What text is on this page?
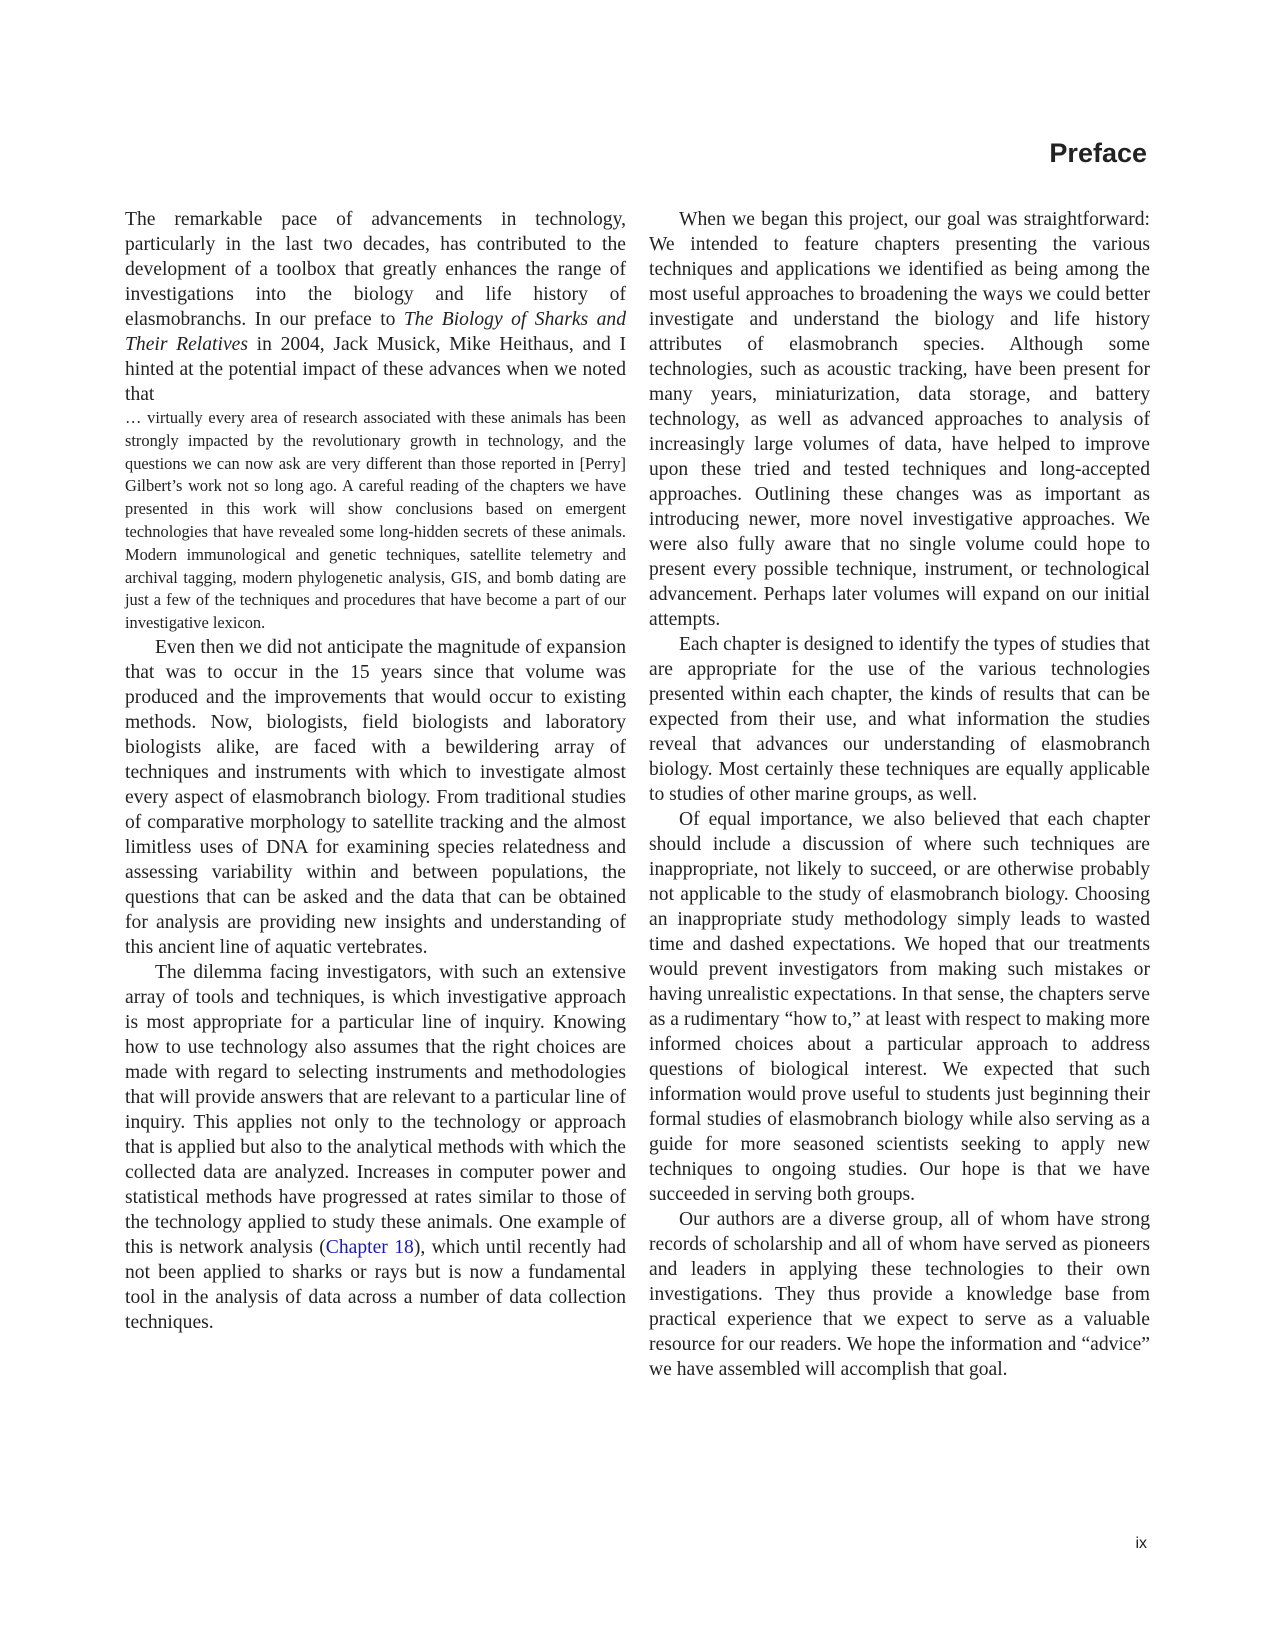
Preface

The remarkable pace of advancements in technology, particularly in the last two decades, has contributed to the development of a toolbox that greatly enhances the range of investigations into the biology and life history of elasmobranchs. In our preface to The Biology of Sharks and Their Relatives in 2004, Jack Musick, Mike Heithaus, and I hinted at the potential impact of these advances when we noted that

… virtually every area of research associated with these animals has been strongly impacted by the revolutionary growth in technology, and the questions we can now ask are very different than those reported in [Perry] Gilbert’s work not so long ago. A careful reading of the chapters we have presented in this work will show conclusions based on emergent technologies that have revealed some long-hidden secrets of these animals. Modern immunological and genetic techniques, satellite telemetry and archival tagging, modern phylogenetic analysis, GIS, and bomb dating are just a few of the techniques and procedures that have become a part of our investigative lexicon.

Even then we did not anticipate the magnitude of expansion that was to occur in the 15 years since that volume was produced and the improvements that would occur to existing methods. Now, biologists, field biologists and laboratory biologists alike, are faced with a bewildering array of techniques and instruments with which to investigate almost every aspect of elasmobranch biology. From traditional studies of comparative morphology to satellite tracking and the almost limitless uses of DNA for examining species relatedness and assessing variability within and between populations, the questions that can be asked and the data that can be obtained for analysis are providing new insights and understanding of this ancient line of aquatic vertebrates.

The dilemma facing investigators, with such an extensive array of tools and techniques, is which investigative approach is most appropriate for a particular line of inquiry. Knowing how to use technology also assumes that the right choices are made with regard to selecting instruments and methodologies that will provide answers that are relevant to a particular line of inquiry. This applies not only to the technology or approach that is applied but also to the analytical methods with which the collected data are analyzed. Increases in computer power and statistical methods have progressed at rates similar to those of the technology applied to study these animals. One example of this is network analysis (Chapter 18), which until recently had not been applied to sharks or rays but is now a fundamental tool in the analysis of data across a number of data collection techniques.

When we began this project, our goal was straightforward: We intended to feature chapters presenting the various techniques and applications we identified as being among the most useful approaches to broadening the ways we could better investigate and understand the biology and life history attributes of elasmobranch species. Although some technologies, such as acoustic tracking, have been present for many years, miniaturization, data storage, and battery technology, as well as advanced approaches to analysis of increasingly large volumes of data, have helped to improve upon these tried and tested techniques and long-accepted approaches. Outlining these changes was as important as introducing newer, more novel investigative approaches. We were also fully aware that no single volume could hope to present every possible technique, instrument, or technological advancement. Perhaps later volumes will expand on our initial attempts.

Each chapter is designed to identify the types of studies that are appropriate for the use of the various technologies presented within each chapter, the kinds of results that can be expected from their use, and what information the studies reveal that advances our understanding of elasmobranch biology. Most certainly these techniques are equally applicable to studies of other marine groups, as well.

Of equal importance, we also believed that each chapter should include a discussion of where such techniques are inappropriate, not likely to succeed, or are otherwise probably not applicable to the study of elasmobranch biology. Choosing an inappropriate study methodology simply leads to wasted time and dashed expectations. We hoped that our treatments would prevent investigators from making such mistakes or having unrealistic expectations. In that sense, the chapters serve as a rudimentary “how to,” at least with respect to making more informed choices about a particular approach to address questions of biological interest. We expected that such information would prove useful to students just beginning their formal studies of elasmobranch biology while also serving as a guide for more seasoned scientists seeking to apply new techniques to ongoing studies. Our hope is that we have succeeded in serving both groups.

Our authors are a diverse group, all of whom have strong records of scholarship and all of whom have served as pioneers and leaders in applying these technologies to their own investigations. They thus provide a knowledge base from practical experience that we expect to serve as a valuable resource for our readers. We hope the information and “advice” we have assembled will accomplish that goal.

ix
